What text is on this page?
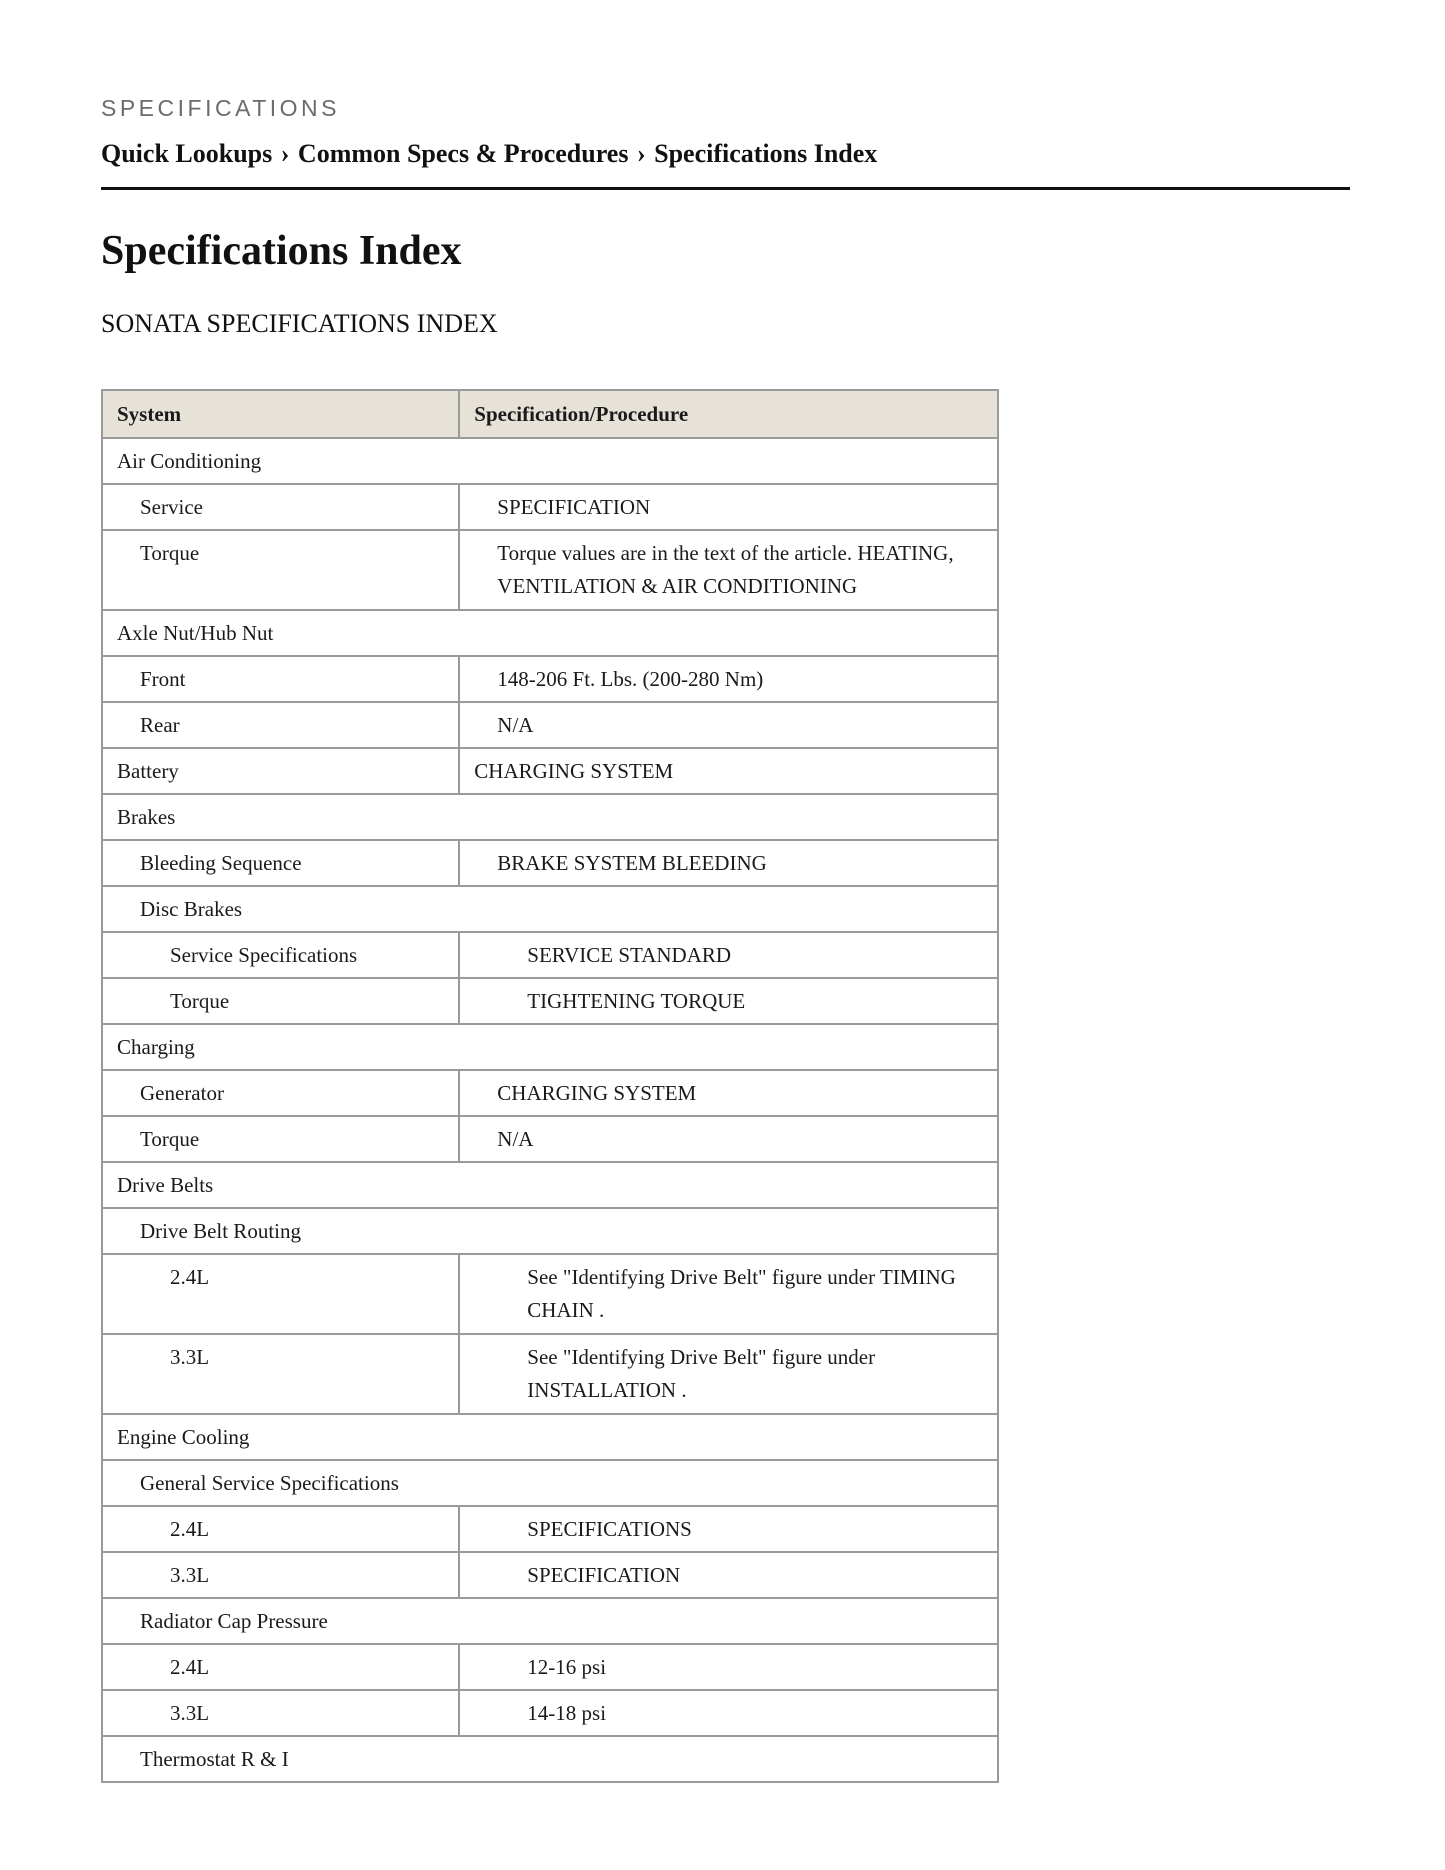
SPECIFICATIONS
Quick Lookups › Common Specs & Procedures › Specifications Index
Specifications Index
SONATA SPECIFICATIONS INDEX
System	Specification/Procedure
Air Conditioning	
Service	SPECIFICATION
Torque	Torque values are in the text of the article. HEATING, VENTILATION & AIR CONDITIONING
Axle Nut/Hub Nut	
Front	148-206 Ft. Lbs. (200-280 Nm)
Rear	N/A
Battery	CHARGING SYSTEM
Brakes	
Bleeding Sequence	BRAKE SYSTEM BLEEDING
Disc Brakes	
Service Specifications	SERVICE STANDARD
Torque	TIGHTENING TORQUE
Charging	
Generator	CHARGING SYSTEM
Torque	N/A
Drive Belts	
Drive Belt Routing	
2.4L	See "Identifying Drive Belt" figure under TIMING CHAIN .
3.3L	See "Identifying Drive Belt" figure under INSTALLATION .
Engine Cooling	
General Service Specifications	
2.4L	SPECIFICATIONS
3.3L	SPECIFICATION
Radiator Cap Pressure	
2.4L	12-16 psi
3.3L	14-18 psi
Thermostat R & I	
